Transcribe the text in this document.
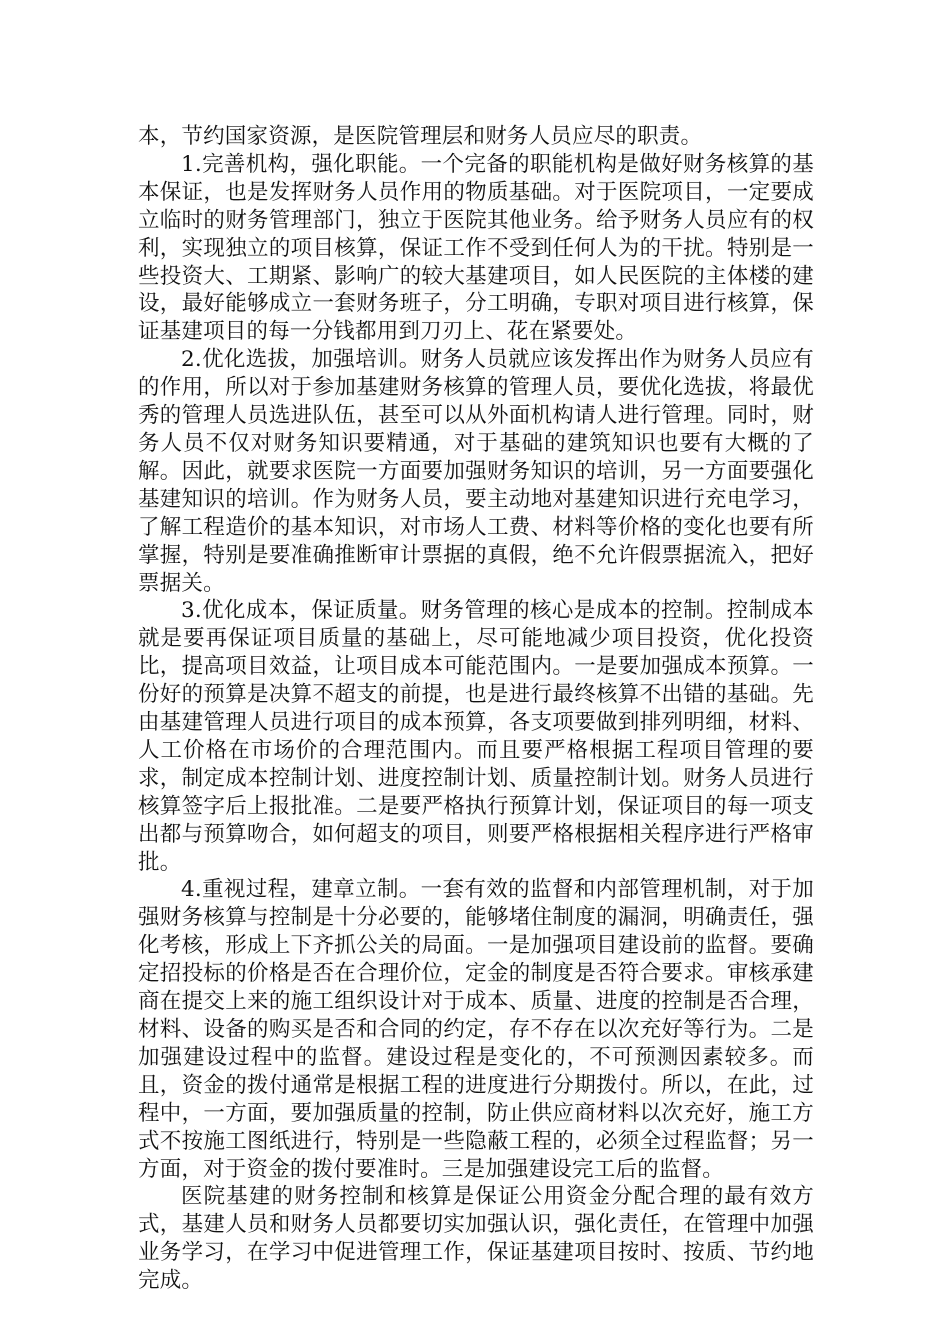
本，节约国家资源，是医院管理层和财务人员应尽的职责。

1.完善机构，强化职能。一个完备的职能机构是做好财务核算的基本保证，也是发挥财务人员作用的物质基础。对于医院项目，一定要成立临时的财务管理部门，独立于医院其他业务。给予财务人员应有的权利，实现独立的项目核算，保证工作不受到任何人为的干扰。特别是一些投资大、工期紧、影响广的较大基建项目，如人民医院的主体楼的建设，最好能够成立一套财务班子，分工明确，专职对项目进行核算，保证基建项目的每一分钱都用到刀刃上、花在紧要处。

2.优化选拔，加强培训。财务人员就应该发挥出作为财务人员应有的作用，所以对于参加基建财务核算的管理人员，要优化选拔，将最优秀的管理人员选进队伍，甚至可以从外面机构请人进行管理。同时，财务人员不仅对财务知识要精通，对于基础的建筑知识也要有大概的了解。因此，就要求医院一方面要加强财务知识的培训，另一方面要强化基建知识的培训。作为财务人员，要主动地对基建知识进行充电学习，了解工程造价的基本知识，对市场人工费、材料等价格的变化也要有所掌握，特别是要准确推断审计票据的真假，绝不允许假票据流入，把好票据关。

3.优化成本，保证质量。财务管理的核心是成本的控制。控制成本就是要再保证项目质量的基础上，尽可能地减少项目投资，优化投资比，提高项目效益，让项目成本可能范围内。一是要加强成本预算。一份好的预算是决算不超支的前提，也是进行最终核算不出错的基础。先由基建管理人员进行项目的成本预算，各支项要做到排列明细，材料、人工价格在市场价的合理范围内。而且要严格根据工程项目管理的要求，制定成本控制计划、进度控制计划、质量控制计划。财务人员进行核算签字后上报批准。二是要严格执行预算计划，保证项目的每一项支出都与预算吻合，如何超支的项目，则要严格根据相关程序进行严格审批。

4.重视过程，建章立制。一套有效的监督和内部管理机制，对于加强财务核算与控制是十分必要的，能够堵住制度的漏洞，明确责任，强化考核，形成上下齐抓公关的局面。一是加强项目建设前的监督。要确定招投标的价格是否在合理价位，定金的制度是否符合要求。审核承建商在提交上来的施工组织设计对于成本、质量、进度的控制是否合理，材料、设备的购买是否和合同的约定，存不存在以次充好等行为。二是加强建设过程中的监督。建设过程是变化的，不可预测因素较多。而且，资金的拨付通常是根据工程的进度进行分期拨付。所以，在此，过程中，一方面，要加强质量的控制，防止供应商材料以次充好，施工方式不按施工图纸进行，特别是一些隐蔽工程的，必须全过程监督；另一方面，对于资金的拨付要准时。三是加强建设完工后的监督。

医院基建的财务控制和核算是保证公用资金分配合理的最有效方式，基建人员和财务人员都要切实加强认识，强化责任，在管理中加强业务学习，在学习中促进管理工作，保证基建项目按时、按质、节约地完成。
